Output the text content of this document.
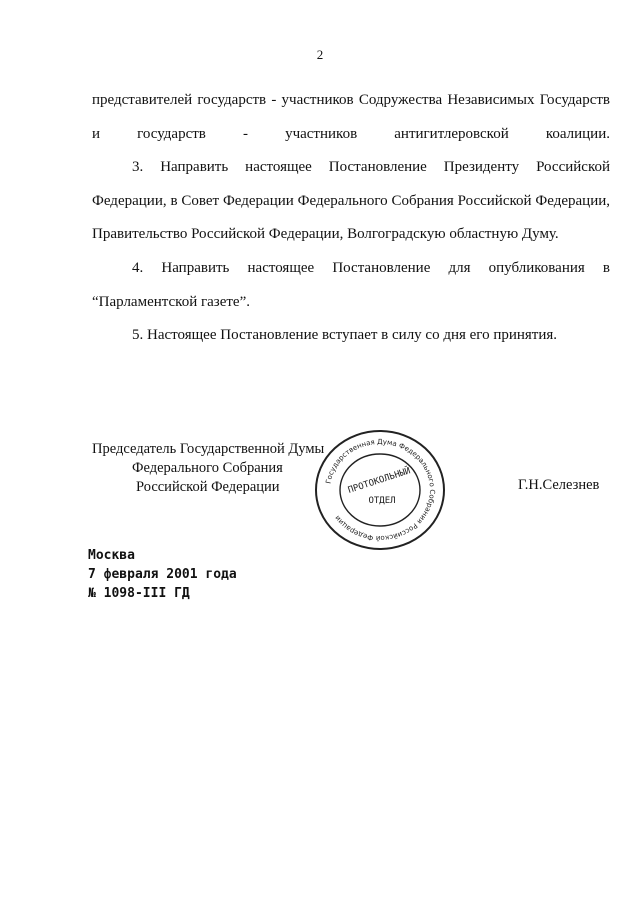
2

представителей государств - участников Содружества Независимых Государств и государств - участников антигитлеровской коалиции.

3. Направить настоящее Постановление Президенту Российской Федерации, в Совет Федерации Федерального Собрания Российской Федерации, Правительство Российской Федерации, Волгоградскую областную Думу.

4. Направить настоящее Постановление для опубликования в “Парламентской газете”.

5. Настоящее Постановление вступает в силу со дня его принятия.

Председатель Государственной Думы
Федерального Собрания
Российской Федерации	Государственная Дума Федерального Собрания Российской Федерации
ПРОТОКОЛЬНЫЙ
ОТДЕЛ
Г.Н.Селезнев
Москва
7 февраля 2001 года
№ 1098-III ГД
